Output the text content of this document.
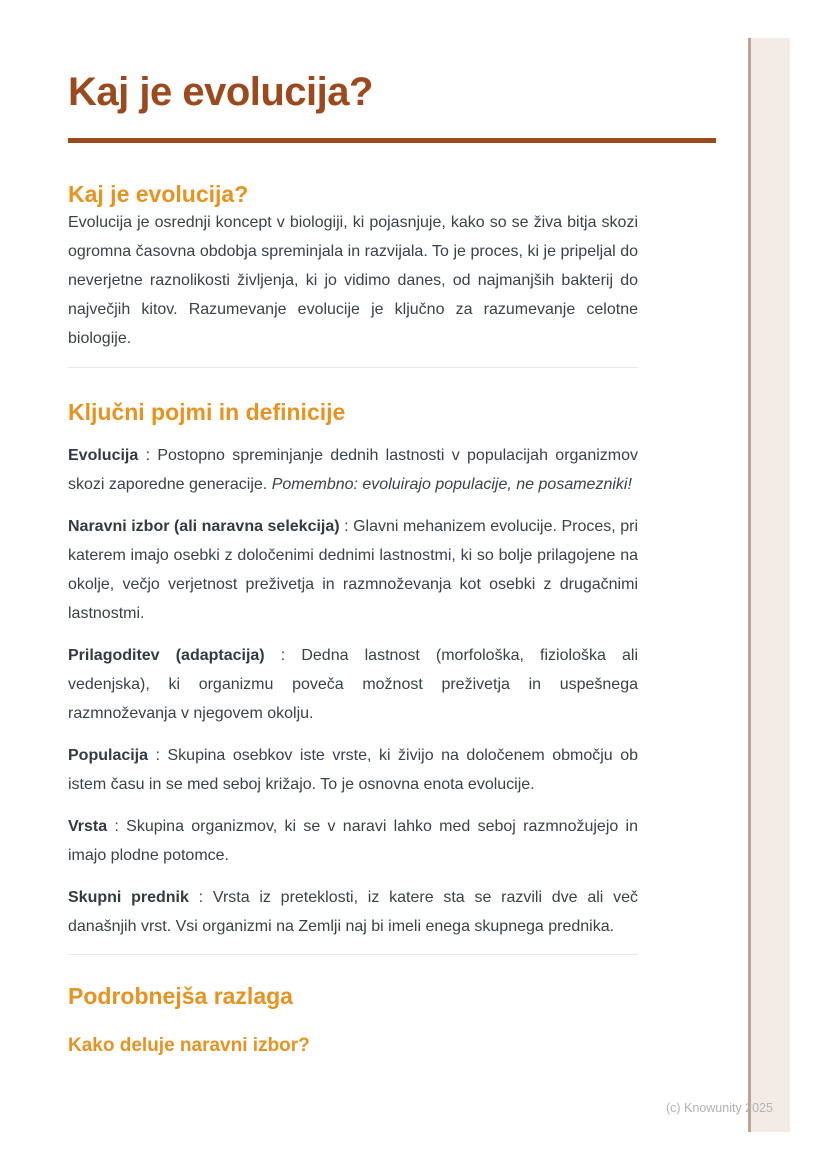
Kaj je evolucija?
Kaj je evolucija?

Evolucija je osrednji koncept v biologiji, ki pojasnjuje, kako so se živa bitja skozi ogromna časovna obdobja spreminjala in razvijala. To je proces, ki je pripeljal do neverjetne raznolikosti življenja, ki jo vidimo danes, od najmanjših bakterij do največjih kitov. Razumevanje evolucije je ključno za razumevanje celotne biologije.

Ključni pojmi in definicije

Evolucija : Postopno spreminjanje dednih lastnosti v populacijah organizmov skozi zaporedne generacije. Pomembno: evoluirajo populacije, ne posamezniki!

Naravni izbor (ali naravna selekcija) : Glavni mehanizem evolucije. Proces, pri katerem imajo osebki z določenimi dednimi lastnostmi, ki so bolje prilagojene na okolje, večjo verjetnost preživetja in razmnoževanja kot osebki z drugačnimi lastnostmi.

Prilagoditev (adaptacija) : Dedna lastnost (morfološka, fiziološka ali vedenjska), ki organizmu poveča možnost preživetja in uspešnega razmnoževanja v njegovem okolju.

Populacija : Skupina osebkov iste vrste, ki živijo na določenem območju ob istem času in se med seboj križajo. To je osnovna enota evolucije.

Vrsta : Skupina organizmov, ki se v naravi lahko med seboj razmnožujejo in imajo plodne potomce.

Skupni prednik : Vrsta iz preteklosti, iz katere sta se razvili dve ali več današnjih vrst. Vsi organizmi na Zemlji naj bi imeli enega skupnega prednika.

Podrobnejša razlaga
Kako deluje naravni izbor?
(c) Knowunity 2025
